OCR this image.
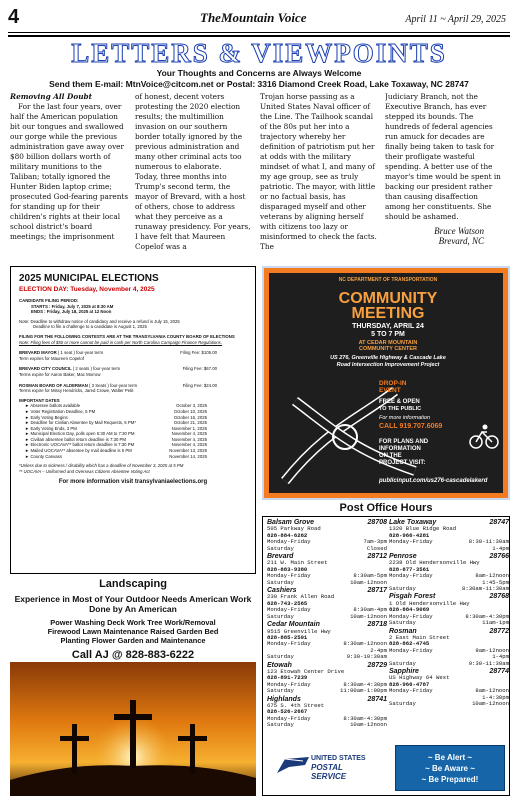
4	TheMountain Voice	April 11 ~ April 29, 2025
LETTERS & VIEWPOINTS
Your Thoughts and Concerns are Always Welcome
Send them E-mail: MtnVoice@citcom.net or Postal: 3316 Diamond Creek Road, Lake Toxaway, NC 28747

Removing All Doubt

For the last four years, over half the American population bit our tongues and swallowed our gorge while the previous administration gave away over $80 billion dollars worth of military munitions to the Taliban; totally ignored the Hunter Biden laptop crime; prosecuted God-fearing parents for standing up for their children's rights at their local school district's board meetings; the imprisonment

of honest, decent voters protesting the 2020 election results; the multimillion invasion on our southern border totally ignored by the previous administration and many other criminal acts too numerous to elaborate.
Today, three months into Trump's second term, the mayor of Brevard, with a host of others, chose to address what they perceive as a runaway presidency. For years, I have felt that Maureen Copelof was a

Trojan horse passing as a United States Naval officer of the Line. The Tailhook scandal of the 80s put her into a trajectory whereby her definition of patriotism put her at odds with the military mindset of what I, and many of my age group, see as truly patriotic. The mayor, with little or no factual basis, has disparaged myself and other veterans by aligning herself with citizens too lazy or misinformed to check the facts. The

Judiciary Branch, not the Executive Branch, has ever stepped its bounds. The hundreds of federal agencies run amuck for decades are finally being taken to task for their profligate wasteful spending. A better use of the mayor's time would be spent in backing our president rather than causing disaffection among her constituents. She should be ashamed.

Bruce Watson

Brevard, NC

2025 MUNICIPAL ELECTIONS
ELECTION DAY: Tuesday, November 4, 2025
CANDIDATE FILING PERIOD:
STARTS : Friday, July 7, 2025 at 8:30 AM
ENDS : Friday, July 18, 2025 at 12 Noon
Note: Deadline to withdraw notice of candidacy and receive a refund is July 15, 2025
Deadline to file a challenge to a candidate is August 1, 2025
FILING FOR THE FOLLOWING CONTESTS ARE AT THE TRANSYLVANIA COUNTY BOARD OF ELECTIONS
Note: Filing fees of $50 or more cannot be paid in cash per North Carolina Campaign Finance Regulations.
BREVARD MAYOR ( 1 seat ) four-year term	Filing Fee: $105.00
Term expires for Maureen Copelof
BREVARD CITY COUNCIL ( 2 seats ) four-year term	Filing Fee: $67.00
Terms expire for Aaron Baker, Mac Morrow
ROSMAN BOARD OF ALDERMAN ( 3 Seats ) four-year term	Filing Fee: $24.00
Terms expire for Missy Hendricks, Jared Crowe, Walter Petit
IMPORTANT DATES
► Absentee ballots available	October 3, 2025
► Voter Registration Deadline, 5 PM	October 10, 2025
► Early Voting Begins	October 16, 2025
► Deadline for Civilian Absentee by Mail Requests, 5 PM*	October 21, 2025
► Early Voting Ends, 3 PM	November 1, 2025
► Municipal Election Day, polls open 6:30 AM to 7:30 PM	November 4, 2025
► Civilian absentee ballot return deadline is 7:30 PM	November 4, 2025
► Electronic UOCAVA** ballot return deadline is 7:30 PM	November 4, 2025
► Mailed UOCAVA** absentee by mail deadline is 5 PM	November 13, 2025
► County Canvass	November 14, 2025
*Unless due to sickness / disability which has a deadline of November 3, 2025 at 5 PM
** UOCAVA – Uniformed and Overseas Citizens Absentee Voting Act
For more information visit transylvaniaelections.org
NC DEPARTMENT OF TRANSPORTATION
COMMUNITY
MEETING
THURSDAY, APRIL 24
5 TO 7 PM
AT CEDAR MOUNTAIN
COMMUNITY CENTER
US 276, Greenville Highway & Cascade Lake
Road Intersection Improvement Project
DROP-IN
EVENT
FREE & OPEN
TO THE PUBLIC
For more information
CALL 919.707.6069
FOR PLANS AND
INFORMATION
ON THE
PROJECT VISIT:
publicinput.com/us276-cascadelakerd
Post Office Hours
Balsam Grove	28708
505 Parkway Road
828-884-6262
Monday-Friday	7am-3pm
Saturday	Closed
Brevard	28712
211 W. Main Street
828-883-9380
Monday-Friday	8:30am-5pm
Saturday	10am-12noon
Cashiers	28717
230 Frank Allen Road
828-743-2565
Monday-Friday	8:30am-4pm
Saturday	10am-12noon
Cedar Mountain	28718
9515 Greenville Hwy
828-885-2501
Monday-Friday	8:30am-12noon
2-4pm
Saturday	9:30-10:30am
Etowah	28729
123 Etowah Center Drive
828-891-7239
Monday-Friday	8:30am-4:30pm
Saturday	11:00am-1:00pm
Highlands	28741
675 S. 4th Street
828-526-2667
Monday-Friday	8:30am-4:30pm
Saturday	10am-12noon
Lake Toxaway	28747
1320 Blue Ridge Road
828-966-4281
Monday-Friday	8:30-11:30am
1-4pm
Penrose	28766
2238 Old Hendersonville Hwy
828-877-3561
Monday-Friday	8am-12noon
1:45-5pm
Saturday	8:30am-11:30am
Pisgah Forest	28768
1 Old Hendersonville Hwy
828-884-9069
Monday-Friday	8:30am-4:30pm
Saturday	11am-1pm
Rosman	28772
2 East Main Street
828-862-4745
Monday-Friday	9am-12noon
1-4pm
Saturday	9:30-11:30am
Sapphire	28774
US Highway 64 West
828-966-4787
Monday-Friday	8am-12noon
1-4:30pm
Saturday	10am-12noon
UNITED STATES
POSTAL SERVICE
~ Be Alert ~
~ Be Aware ~
~ Be Prepared!
Landscaping
Experience in Most of Your Outdoor Needs American Work Done by An American
Power Washing Deck Work Tree Work/Removal
Firewood Lawn Maintenance Raised Garden Bed
Planting Flower Garden and Maintenance
Call AJ @ 828-883-6222
